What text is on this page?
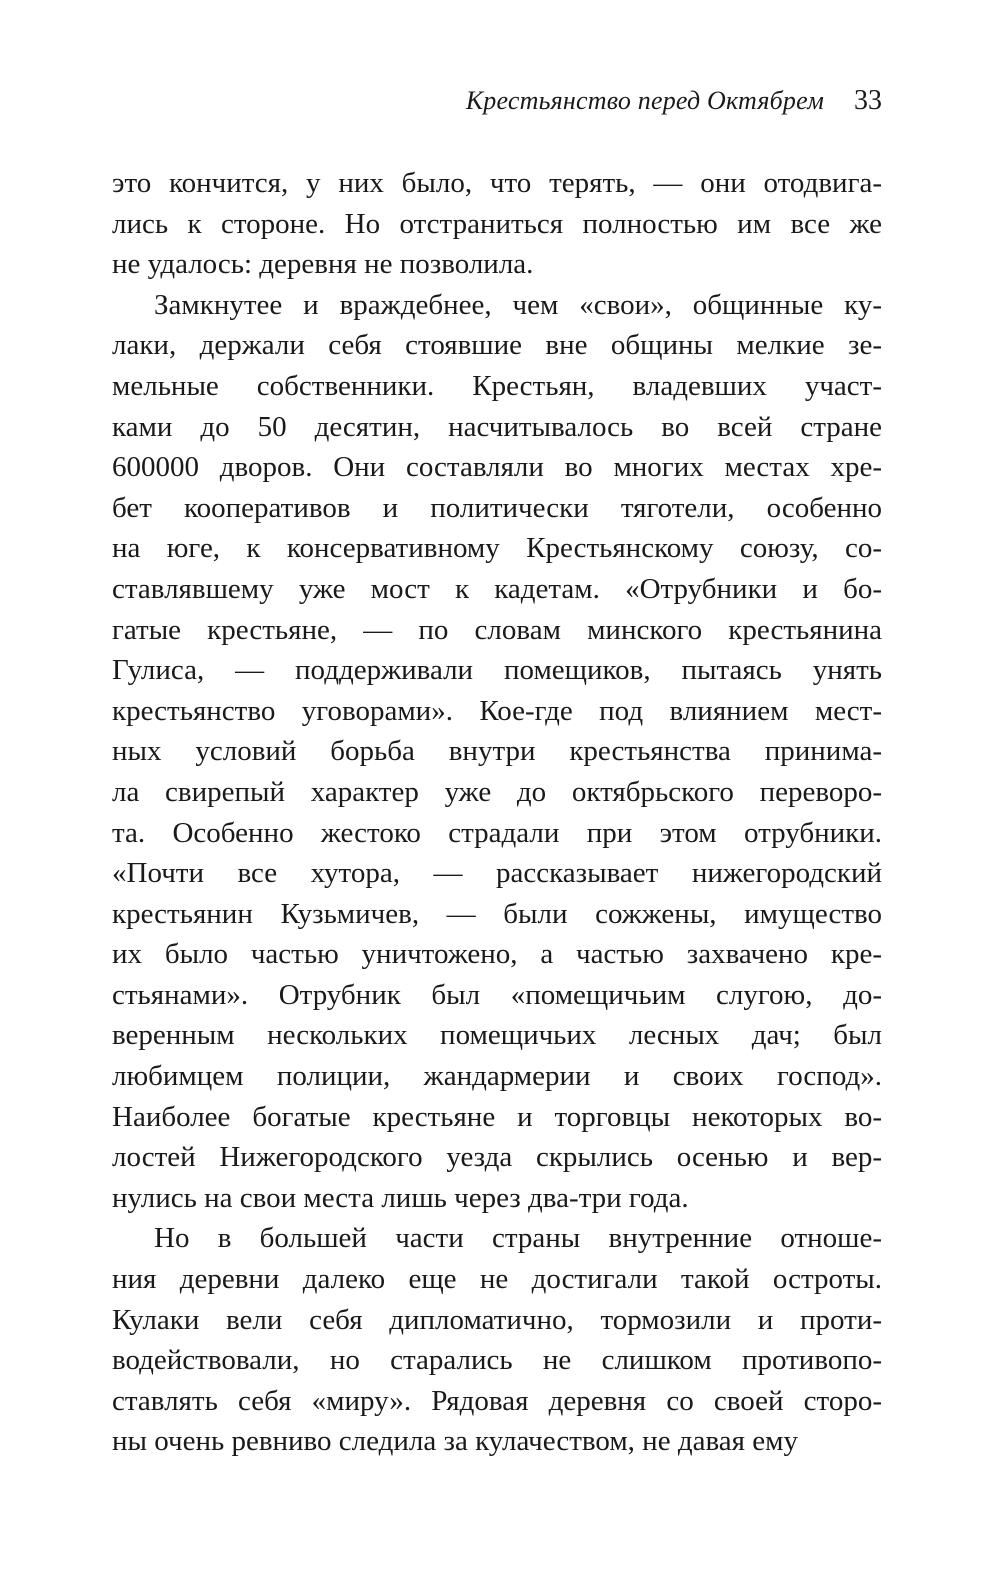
Крестьянство перед Октябрем 33
это кончится, у них было, что терять, — они отодвига-
лись к стороне. Но отстраниться полностью им все же
не удалось: деревня не позволила.
Замкнутее и враждебнее, чем «свои», общинные ку-
лаки, держали себя стоявшие вне общины мелкие зе-
мельные собственники. Крестьян, владевших участ-
ками до 50 десятин, насчитывалось во всей стране
600000 дворов. Они составляли во многих местах хре-
бет кооперативов и политически тяготели, особенно
на юге, к консервативному Крестьянскому союзу, со-
ставлявшему уже мост к кадетам. «Отрубники и бо-
гатые крестьяне, — по словам минского крестьянина
Гулиса, — поддерживали помещиков, пытаясь унять
крестьянство уговорами». Кое-где под влиянием мест-
ных условий борьба внутри крестьянства принима-
ла свирепый характер уже до октябрьского переворо-
та. Особенно жестоко страдали при этом отрубники.
«Почти все хутора, — рассказывает нижегородский
крестьянин Кузьмичев, — были сожжены, имущество
их было частью уничтожено, а частью захвачено кре-
стьянами». Отрубник был «помещичьим слугою, до-
веренным нескольких помещичьих лесных дач; был
любимцем полиции, жандармерии и своих господ».
Наиболее богатые крестьяне и торговцы некоторых во-
лостей Нижегородского уезда скрылись осенью и вер-
нулись на свои места лишь через два-три года.
Но в большей части страны внутренние отноше-
ния деревни далеко еще не достигали такой остроты.
Кулаки вели себя дипломатично, тормозили и проти-
водействовали, но старались не слишком противопо-
ставлять себя «миру». Рядовая деревня со своей сторо-
ны очень ревниво следила за кулачеством, не давая ему
